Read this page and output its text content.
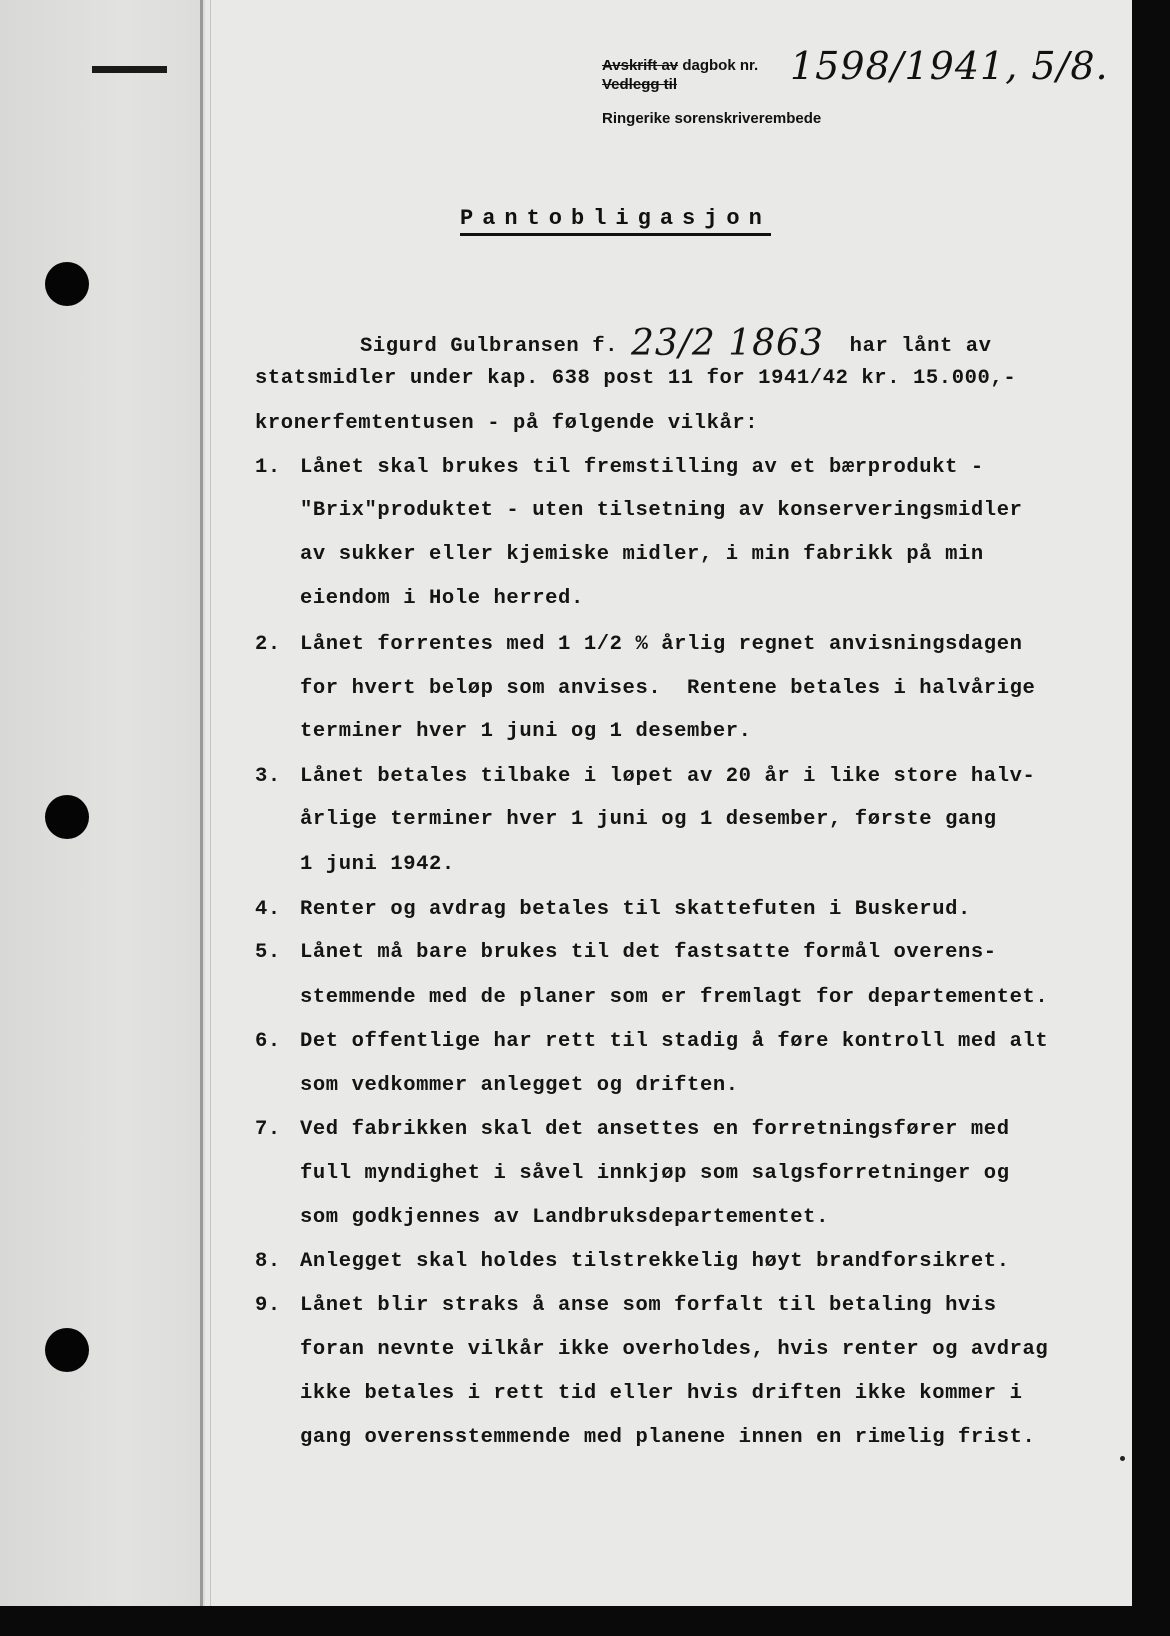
Avskrift av dagbok nr.
Vedlegg til	1598/1941, 5/8.
Ringerike sorenskriverembede
Pantobligasjon
Sigurd Gulbransen f. 23/2 1863  har lånt av
statsmidler under kap. 638 post 11 for 1941/42 kr. 15.000,-
kronerfemtentusen - på følgende vilkår:
1. Lånet skal brukes til fremstilling av et bærprodukt -
"Brix"produktet - uten tilsetning av konserveringsmidler
av sukker eller kjemiske midler, i min fabrikk på min
eiendom i Hole herred.
2. Lånet forrentes med 1 1/2 % årlig regnet anvisningsdagen
for hvert beløp som anvises.  Rentene betales i halvårige
terminer hver 1 juni og 1 desember.
3. Lånet betales tilbake i løpet av 20 år i like store halv-
årlige terminer hver 1 juni og 1 desember, første gang
1 juni 1942.
4. Renter og avdrag betales til skattefuten i Buskerud.
5. Lånet må bare brukes til det fastsatte formål overens-
stemmende med de planer som er fremlagt for departementet.
6. Det offentlige har rett til stadig å føre kontroll med alt
som vedkommer anlegget og driften.
7. Ved fabrikken skal det ansettes en forretningsfører med
full myndighet i såvel innkjøp som salgsforretninger og
som godkjennes av Landbruksdepartementet.
8. Anlegget skal holdes tilstrekkelig høyt brandforsikret.
9. Lånet blir straks å anse som forfalt til betaling hvis
foran nevnte vilkår ikke overholdes, hvis renter og avdrag
ikke betales i rett tid eller hvis driften ikke kommer i
gang overensstemmende med planene innen en rimelig frist.
